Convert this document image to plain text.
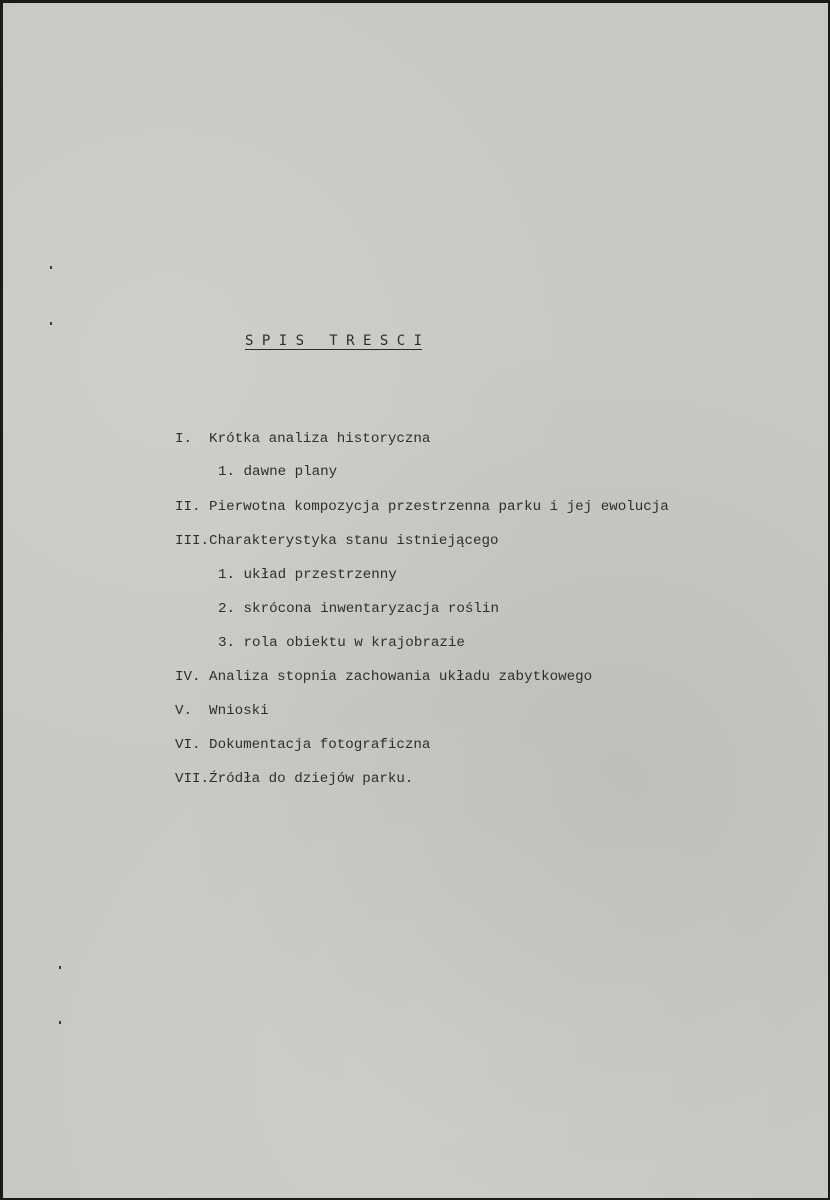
S P I S   T R E S C I
I.  Krótka analiza historyczna
1. dawne plany
II. Pierwotna kompozycja przestrzenna parku i jej ewolucja
III.Charakterystyka stanu istniejącego
1. układ przestrzenny
2. skrócona inwentaryzacja roślin
3. rola obiektu w krajobrazie
IV. Analiza stopnia zachowania układu zabytkowego
V.  Wnioski
VI. Dokumentacja fotograficzna
VII.Źródła do dziejów parku.
